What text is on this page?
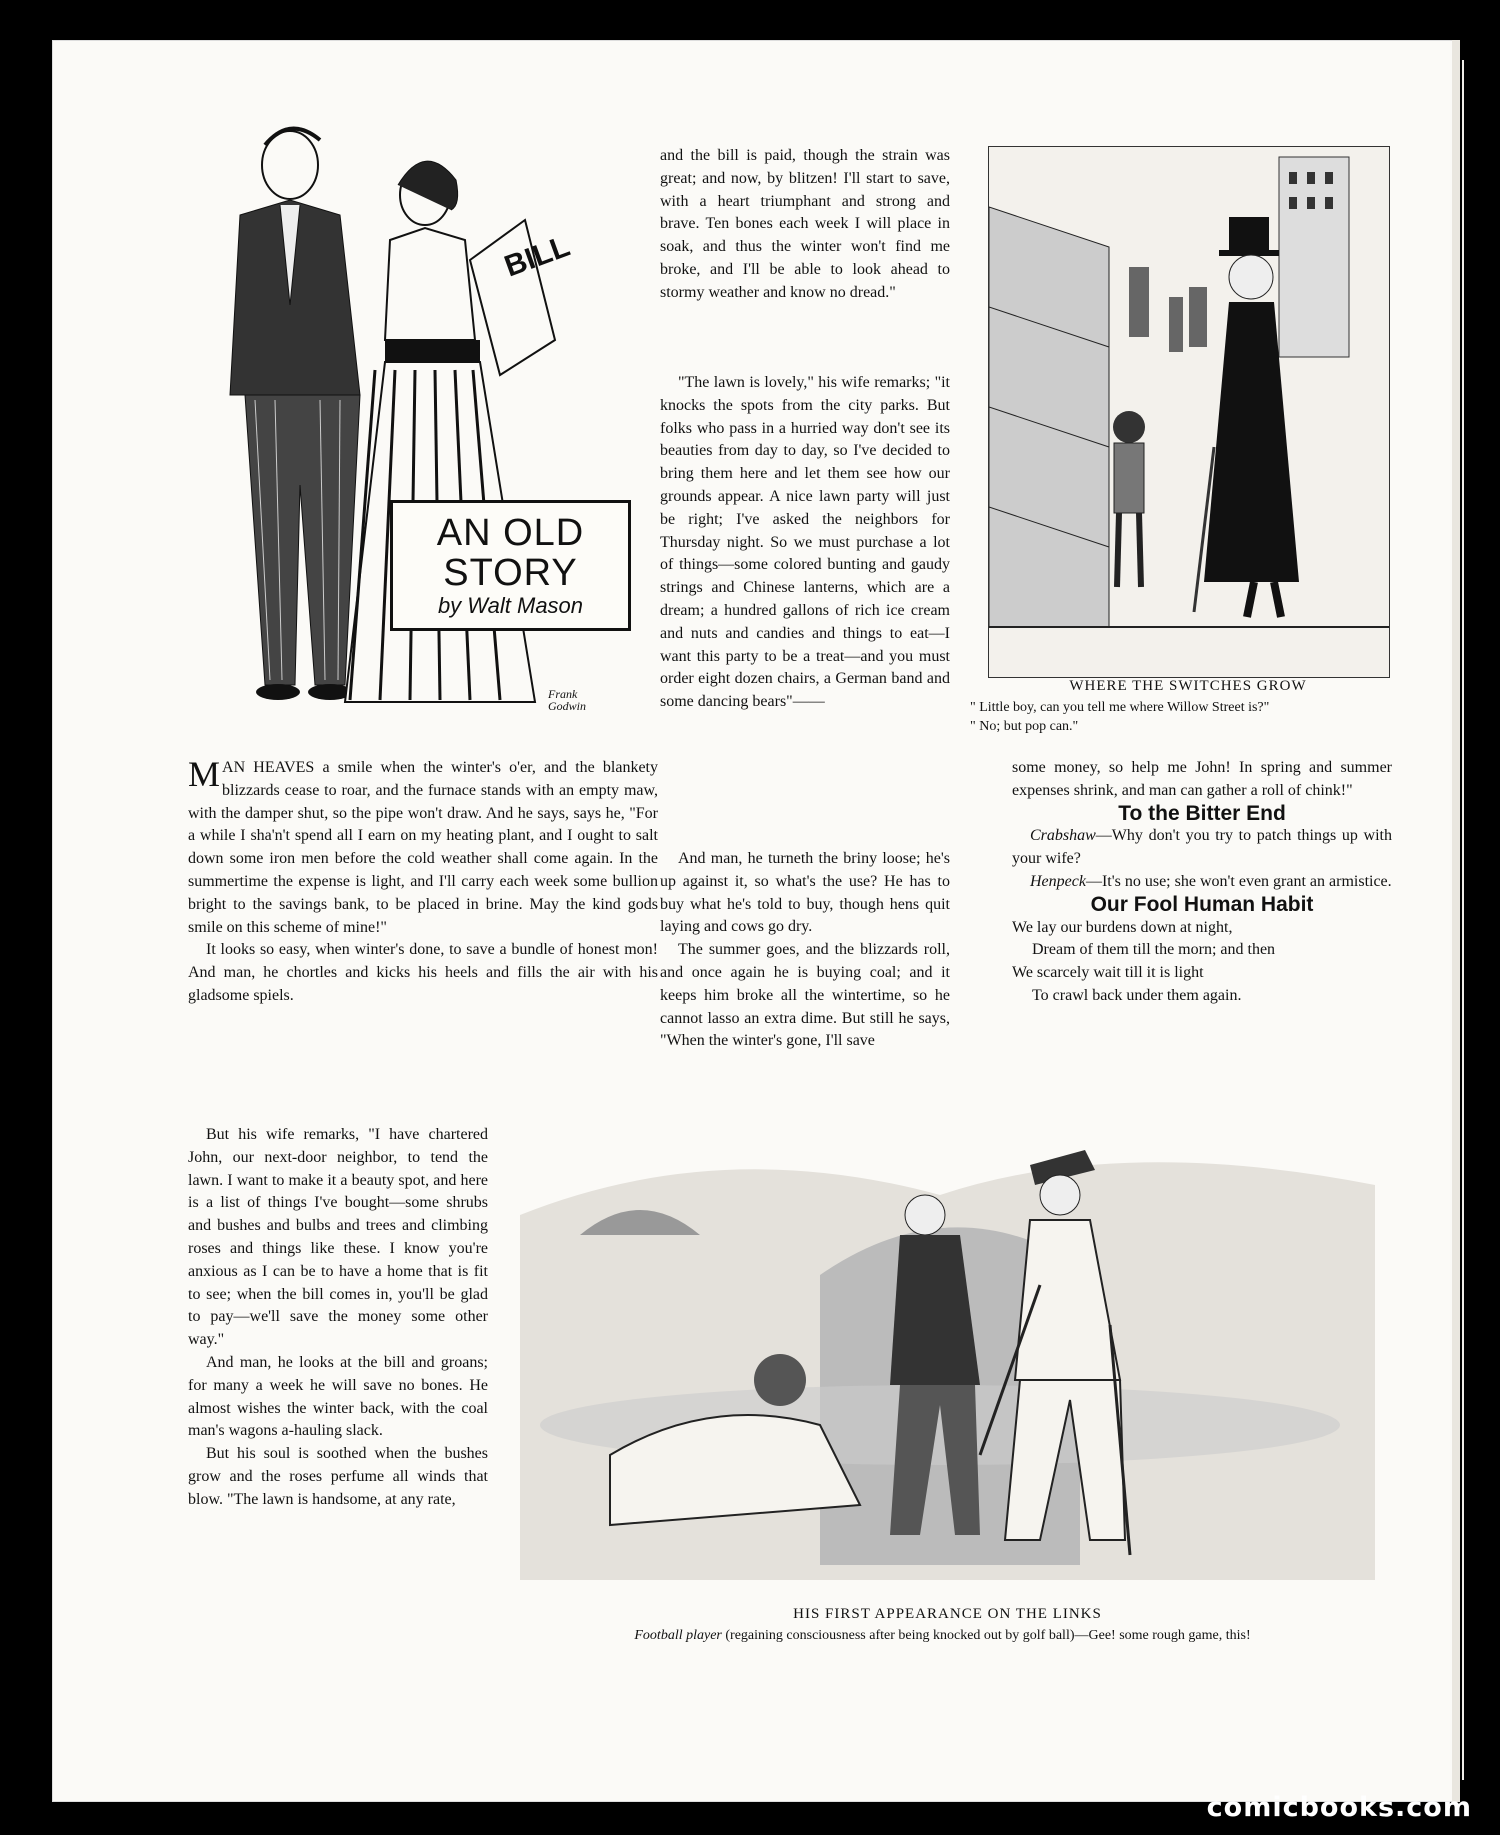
BILL
AN OLD
STORY
by Walt Mason
Frank Godwin

MAN HEAVES a smile when the winter's o'er, and the blankety blizzards cease to roar, and the furnace stands with an empty maw, with the damper shut, so the pipe won't draw. And he says, says he, "For a while I sha'n't spend all I earn on my heating plant, and I ought to salt down some iron men before the cold weather shall come again. In the summertime the expense is light, and I'll carry each week some bullion bright to the savings bank, to be placed in brine. May the kind gods smile on this scheme of mine!"

It looks so easy, when winter's done, to save a bundle of honest mon! And man, he chortles and kicks his heels and fills the air with his gladsome spiels.

But his wife remarks, "I have chartered John, our next-door neighbor, to tend the lawn. I want to make it a beauty spot, and here is a list of things I've bought—some shrubs and bushes and bulbs and trees and climbing roses and things like these. I know you're anxious as I can be to have a home that is fit to see; when the bill comes in, you'll be glad to pay—we'll save the money some other way."

And man, he looks at the bill and groans; for many a week he will save no bones. He almost wishes the winter back, with the coal man's wagons a-hauling slack.

But his soul is soothed when the bushes grow and the roses perfume all winds that blow. "The lawn is handsome, at any rate,

and the bill is paid, though the strain was great; and now, by blitzen! I'll start to save, with a heart triumphant and strong and brave. Ten bones each week I will place in soak, and thus the winter won't find me broke, and I'll be able to look ahead to stormy weather and know no dread."

"The lawn is lovely," his wife remarks; "it knocks the spots from the city parks. But folks who pass in a hurried way don't see its beauties from day to day, so I've decided to bring them here and let them see how our grounds appear. A nice lawn party will just be right; I've asked the neighbors for Thursday night. So we must purchase a lot of things—some colored bunting and gaudy strings and Chinese lanterns, which are a dream; a hundred gallons of rich ice cream and nuts and candies and things to eat—I want this party to be a treat—and you must order eight dozen chairs, a German band and some dancing bears"——

And man, he turneth the briny loose; he's up against it, so what's the use? He has to buy what he's told to buy, though hens quit laying and cows go dry.

The summer goes, and the blizzards roll, and once again he is buying coal; and it keeps him broke all the wintertime, so he cannot lasso an extra dime. But still he says, "When the winter's gone, I'll save

WHERE THE SWITCHES GROW
" Little boy, can you tell me where Willow Street is?"
" No; but pop can."

some money, so help me John! In spring and summer expenses shrink, and man can gather a roll of chink!"

To the Bitter End

Crabshaw—Why don't you try to patch things up with your wife?

Henpeck—It's no use; she won't even grant an armistice.

Our Fool Human Habit

We lay our burdens down at night,

Dream of them till the morn; and then

We scarcely wait till it is light

To crawl back under them again.

HIS FIRST APPEARANCE ON THE LINKS
Football player (regaining consciousness after being knocked out by golf ball)—Gee! some rough game, this!
comicbooks.com
